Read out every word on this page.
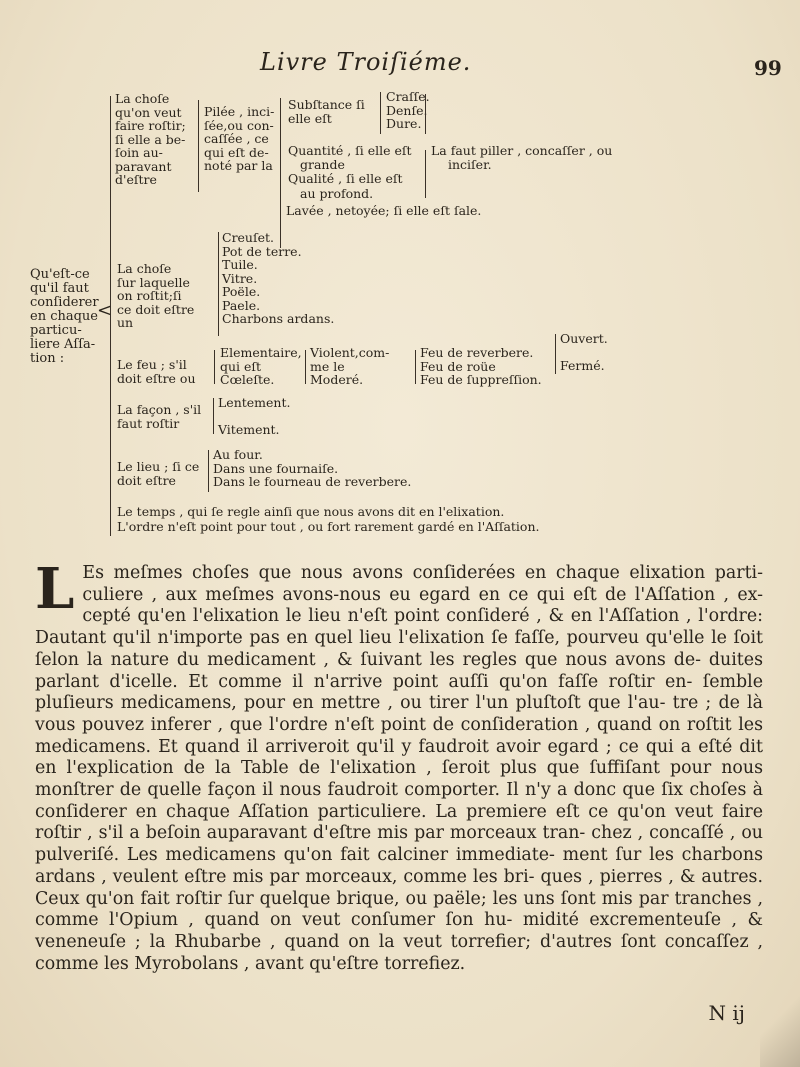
Livre Troiſiéme.	99
Qu'eſt-ce
qu'il faut
conſiderer
en chaque
particu-
liere Aſſa-
tion :
<
La choſe
qu'on veut
faire roſtir;
ſi elle a be-
ſoin au-
paravant
d'eſtre
Pilée , inci-
ſée,ou con-
caſſée , ce
qui eſt de-
noté par la
Subſtance ſi
elle eſt
Craſſe.
Denſe.
Dure.
Quantité , ſi elle eſt
grande
Qualité , ſi elle eſt
au profond.
La faut piller , concaſſer , ou
inciſer.
Lavée , netoyée; ſi elle eſt ſale.
La choſe
ſur laquelle
on roſtit;ſi
ce doit eſtre
un
Creuſet.
Pot de terre.
Tuile.
Vitre.
Poële.
Paele.
Charbons ardans.
Le feu ; s'il
doit eſtre ou
Elementaire,
qui eſt
Cœleſte.
Violent,com-
me le
Moderé.
Feu de reverbere.
Feu de roüe
Feu de ſuppreſſion.
Ouvert.
Fermé.
La façon , s'il
faut roſtir
Lentement.
Vitement.
Le lieu ; ſi ce
doit eſtre
Au four.
Dans une fournaiſe.
Dans le fourneau de reverbere.
Le temps , qui ſe regle ainſi que nous avons dit en l'elixation.
L'ordre n'eſt point pour tout , ou fort rarement gardé en l'Aſſation.
L Es meſmes choſes que nous avons conſiderées en chaque elixation parti- culiere , aux meſmes avons-nous eu egard en ce qui eſt de l'Aſſation , ex- cepté qu'en l'elixation le lieu n'eſt point conſideré , & en l'Aſſation , l'ordre: Dautant qu'il n'importe pas en quel lieu l'elixation ſe faſſe, pourveu qu'elle le ſoit ſelon la nature du medicament , & ſuivant les regles que nous avons de- duites parlant d'icelle. Et comme il n'arrive point auſſi qu'on faſſe roſtir en- ſemble pluſieurs medicamens, pour en mettre , ou tirer l'un pluſtoſt que l'au- tre ; de là vous pouvez inferer , que l'ordre n'eſt point de conſideration , quand on roſtit les medicamens. Et quand il arriveroit qu'il y faudroit avoir egard ; ce qui a eſté dit en l'explication de la Table de l'elixation , ſeroit plus que ſuffiſant pour nous monſtrer de quelle façon il nous faudroit comporter. Il n'y a donc que ſix choſes à conſiderer en chaque Aſſation particuliere. La premiere eſt ce qu'on veut faire roſtir , s'il a beſoin auparavant d'eſtre mis par morceaux tran- chez , concaſſé , ou pulveriſé. Les medicamens qu'on fait calciner immediate- ment ſur les charbons ardans , veulent eſtre mis par morceaux, comme les bri- ques , pierres , & autres. Ceux qu'on fait roſtir ſur quelque brique, ou paële; les uns ſont mis par tranches , comme l'Opium , quand on veut conſumer ſon hu- midité excrementeuſe , & veneneuſe ; la Rhubarbe , quand on la veut torrefier; d'autres ſont concaſſez , comme les Myrobolans , avant qu'eſtre torrefiez.

N ij
